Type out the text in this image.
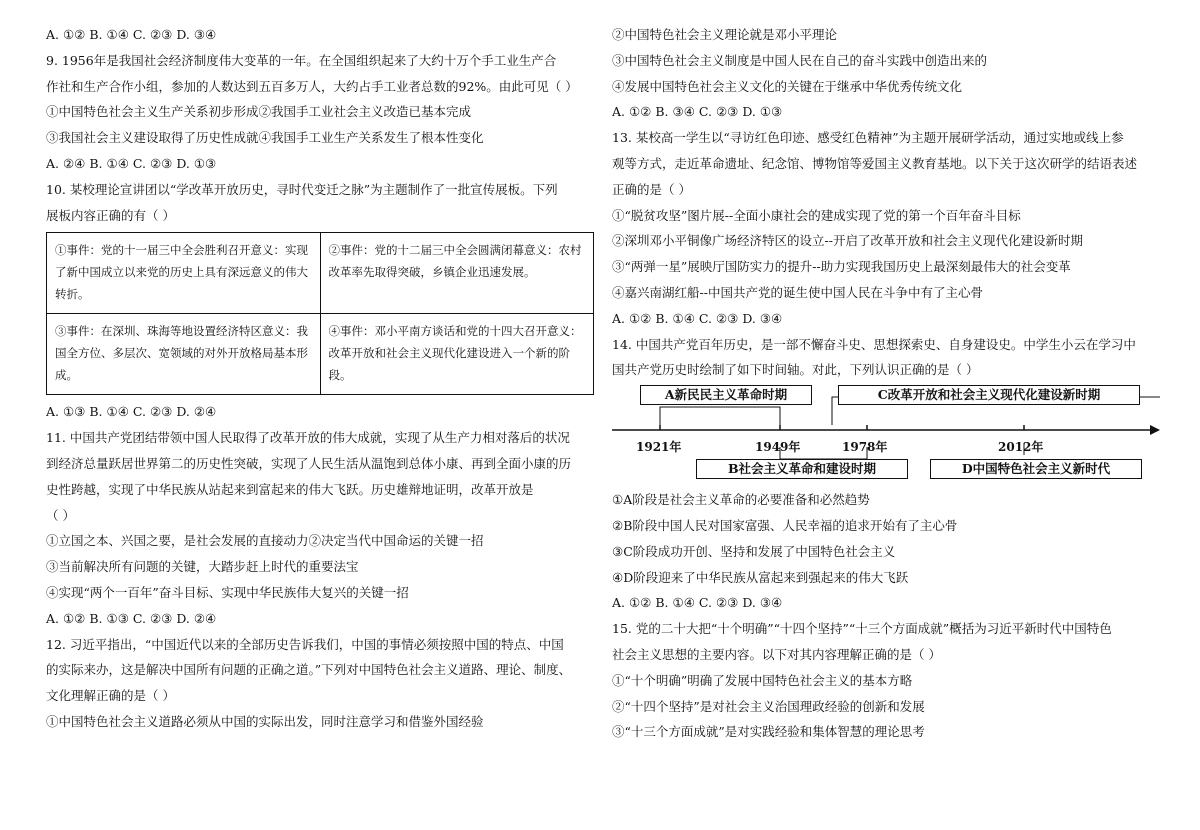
A. ①② B. ①④ C. ②③ D. ③④
9. 1956年是我国社会经济制度伟大变革的一年。在全国组织起来了大约十万个手工业生产合
作社和生产合作小组，参加的人数达到五百多万人，大约占手工业者总数的92%。由此可见（ ）
①中国特色社会主义生产关系初步形成②我国手工业社会主义改造已基本完成
③我国社会主义建设取得了历史性成就④我国手工业生产关系发生了根本性变化
A. ②④ B. ①④ C. ②③ D. ①③
10. 某校理论宣讲团以“学改革开放历史，寻时代变迁之脉”为主题制作了一批宣传展板。下列
展板内容正确的有（ ）
①事件：党的十一届三中全会胜利召开意义：实现了新中国成立以来党的历史上具有深远意义的伟大转折。	②事件：党的十二届三中全会圆满闭幕意义：农村改革率先取得突破，乡镇企业迅速发展。
③事件：在深圳、珠海等地设置经济特区意义：我国全方位、多层次、宽领域的对外开放格局基本形成。	④事件：邓小平南方谈话和党的十四大召开意义：改革开放和社会主义现代化建设进入一个新的阶段。
A. ①③ B. ①④ C. ②③ D. ②④
11. 中国共产党团结带领中国人民取得了改革开放的伟大成就，实现了从生产力相对落后的状况
到经济总量跃居世界第二的历史性突破，实现了人民生活从温饱到总体小康、再到全面小康的历
史性跨越，实现了中华民族从站起来到富起来的伟大飞跃。历史雄辩地证明，改革开放是
（ ）
①立国之本、兴国之要，是社会发展的直接动力②决定当代中国命运的关键一招
③当前解决所有问题的关键，大踏步赶上时代的重要法宝
④实现“两个一百年”奋斗目标、实现中华民族伟大复兴的关键一招
A. ①② B. ①③ C. ②③ D. ②④
12. 习近平指出，“中国近代以来的全部历史告诉我们，中国的事情必须按照中国的特点、中国
的实际来办，这是解决中国所有问题的正确之道。”下列对中国特色社会主义道路、理论、制度、
文化理解正确的是（ ）
①中国特色社会主义道路必须从中国的实际出发，同时注意学习和借鉴外国经验
②中国特色社会主义理论就是邓小平理论
③中国特色社会主义制度是中国人民在自己的奋斗实践中创造出来的
④发展中国特色社会主义文化的关键在于继承中华优秀传统文化
A. ①② B. ③④ C. ②③ D. ①③
13. 某校高一学生以“寻访红色印迹、感受红色精神”为主题开展研学活动，通过实地或线上参
观等方式，走近革命遗址、纪念馆、博物馆等爱国主义教育基地。以下关于这次研学的结语表述
正确的是（ ）
①“脱贫攻坚”图片展--全面小康社会的建成实现了党的第一个百年奋斗目标
②深圳邓小平铜像广场经济特区的设立--开启了改革开放和社会主义现代化建设新时期
③“两弹一星”展映厅国防实力的提升--助力实现我国历史上最深刻最伟大的社会变革
④嘉兴南湖红船--中国共产党的诞生使中国人民在斗争中有了主心骨
A. ①② B. ①④ C. ②③ D. ③④
14. 中国共产党百年历史，是一部不懈奋斗史、思想探索史、自身建设史。中学生小云在学习中
国共产党历史时绘制了如下时间轴。对此，下列认识正确的是（ ）
A新民民主义革命时期	C改革开放和社会主义现代化建设新时期
1921年	1949年	1978年	2012年
B社会主义革命和建设时期	D中国特色社会主义新时代
①A阶段是社会主义革命的必要准备和必然趋势
②B阶段中国人民对国家富强、人民幸福的追求开始有了主心骨
③C阶段成功开创、坚持和发展了中国特色社会主义
④D阶段迎来了中华民族从富起来到强起来的伟大飞跃
A. ①② B. ①④ C. ②③ D. ③④
15. 党的二十大把“十个明确”“十四个坚持”“十三个方面成就”概括为习近平新时代中国特色
社会主义思想的主要内容。以下对其内容理解正确的是（ ）
①“十个明确”明确了发展中国特色社会主义的基本方略
②“十四个坚持”是对社会主义治国理政经验的创新和发展
③“十三个方面成就”是对实践经验和集体智慧的理论思考
